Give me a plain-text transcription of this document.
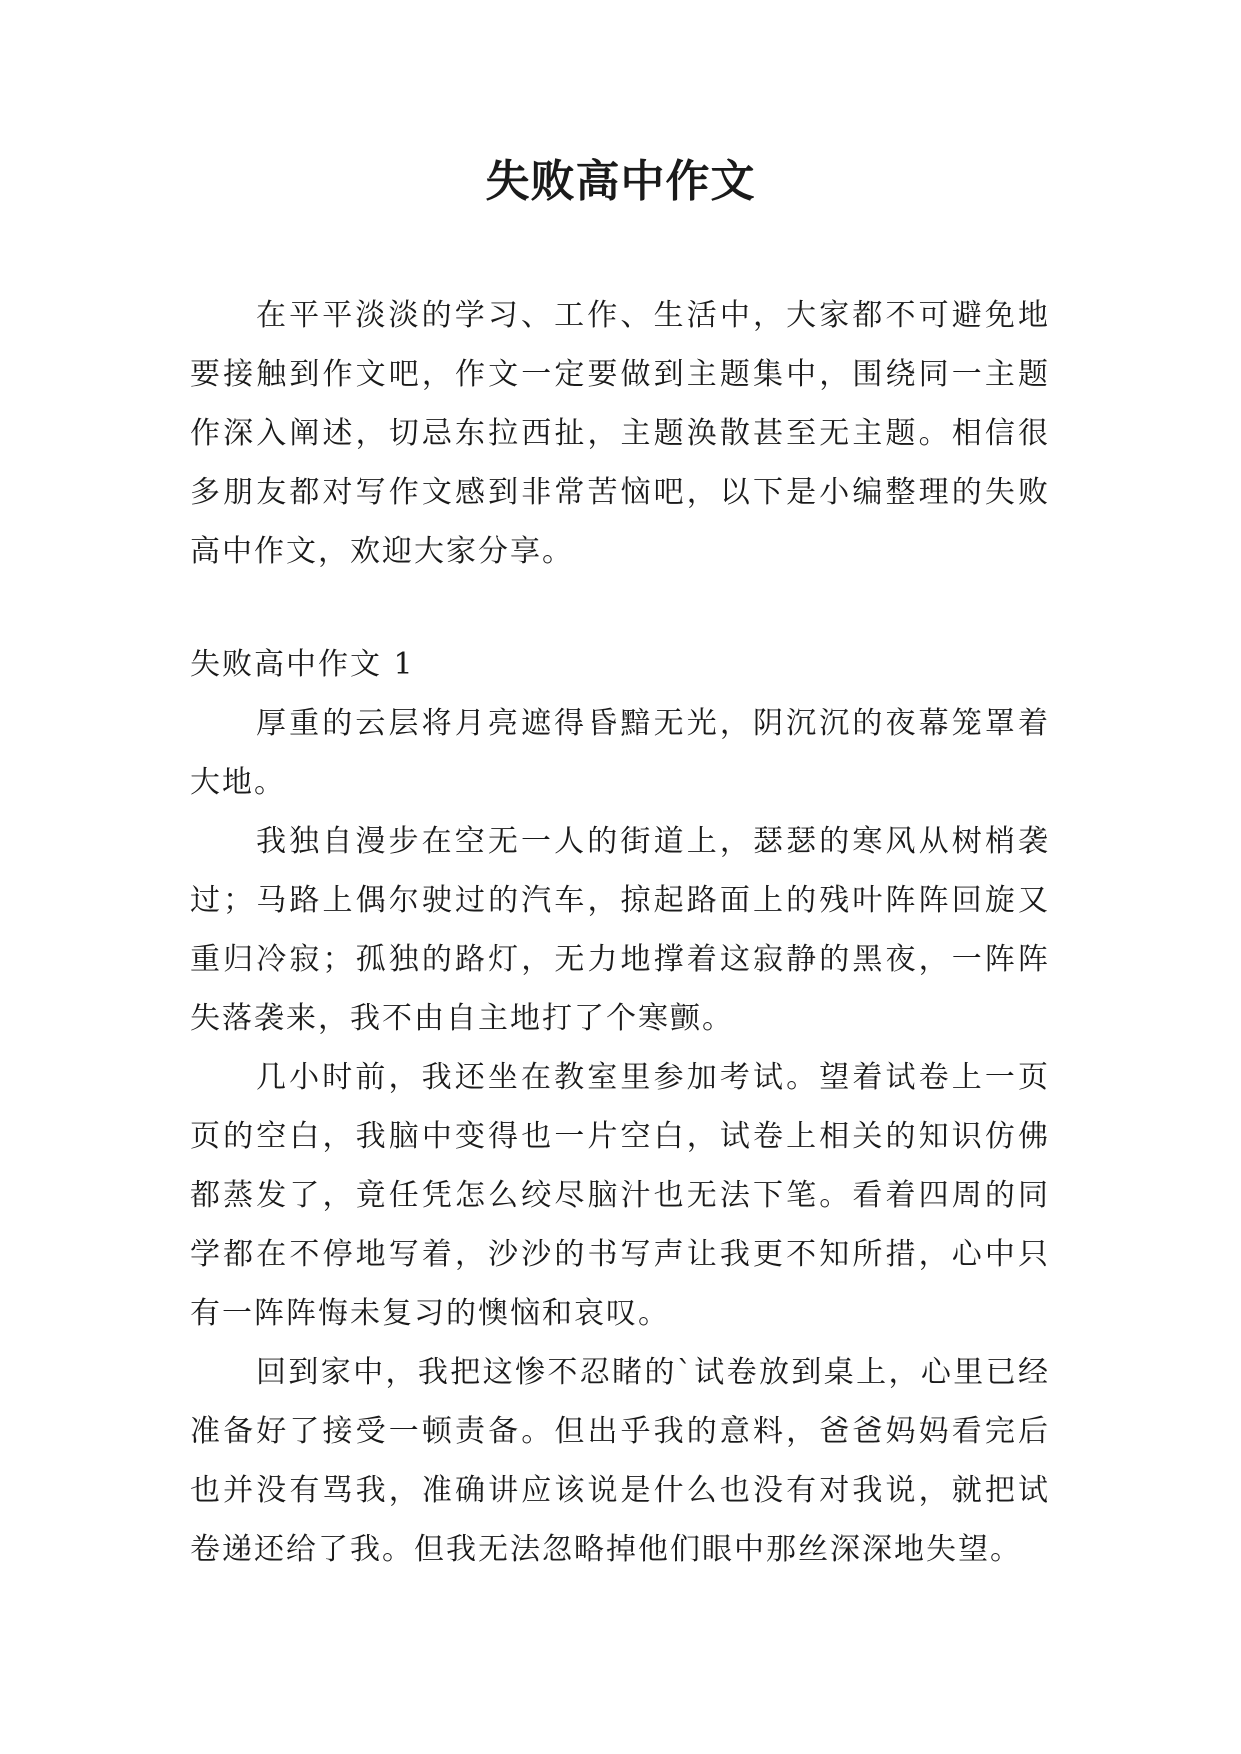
失败高中作文

在平平淡淡的学习、工作、生活中，大家都不可避免地要接触到作文吧，作文一定要做到主题集中，围绕同一主题作深入阐述，切忌东拉西扯，主题涣散甚至无主题。相信很多朋友都对写作文感到非常苦恼吧，以下是小编整理的失败高中作文，欢迎大家分享。

失败高中作文 1

厚重的云层将月亮遮得昏黯无光，阴沉沉的夜幕笼罩着大地。

我独自漫步在空无一人的街道上，瑟瑟的寒风从树梢袭过；马路上偶尔驶过的汽车，掠起路面上的残叶阵阵回旋又重归冷寂；孤独的路灯，无力地撑着这寂静的黑夜，一阵阵失落袭来，我不由自主地打了个寒颤。

几小时前，我还坐在教室里参加考试。望着试卷上一页页的空白，我脑中变得也一片空白，试卷上相关的知识仿佛都蒸发了，竟任凭怎么绞尽脑汁也无法下笔。看着四周的同学都在不停地写着，沙沙的书写声让我更不知所措，心中只有一阵阵悔未复习的懊恼和哀叹。

回到家中，我把这惨不忍睹的`试卷放到桌上，心里已经准备好了接受一顿责备。但出乎我的意料，爸爸妈妈看完后也并没有骂我，准确讲应该说是什么也没有对我说，就把试卷递还给了我。但我无法忽略掉他们眼中那丝深深地失望。
